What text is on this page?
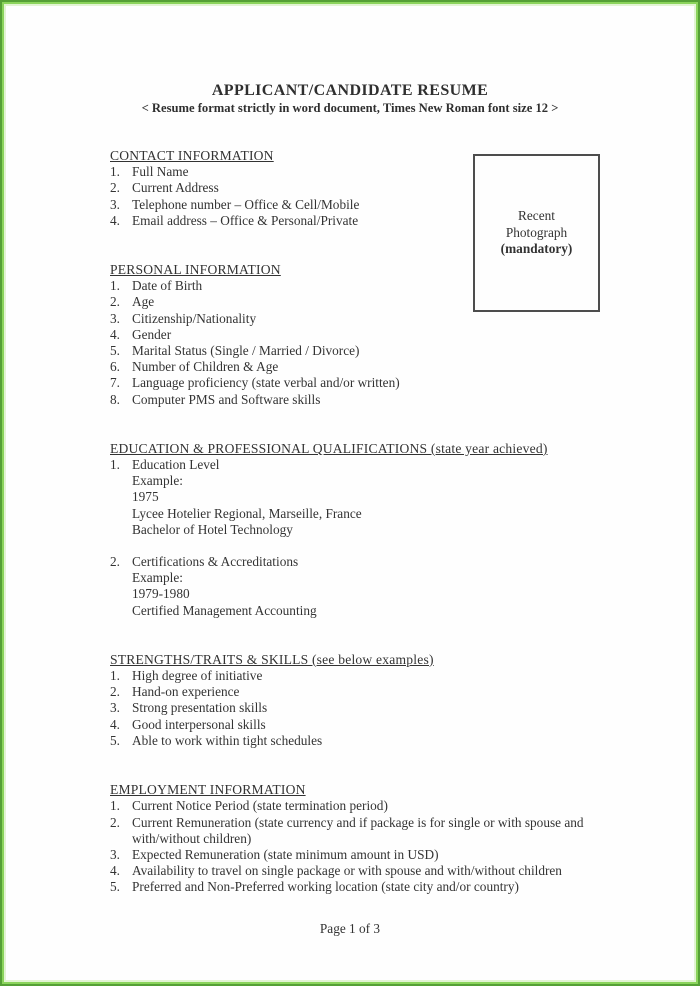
APPLICANT/CANDIDATE RESUME
< Resume format strictly in word document, Times New Roman font size 12 >
CONTACT INFORMATION
1. Full Name
2. Current Address
3. Telephone number – Office & Cell/Mobile
4. Email address – Office & Personal/Private
PERSONAL INFORMATION
1. Date of Birth
2. Age
3. Citizenship/Nationality
4. Gender
5. Marital Status (Single / Married / Divorce)
6. Number of Children & Age
7. Language proficiency (state verbal and/or written)
8. Computer PMS and Software skills
EDUCATION & PROFESSIONAL QUALIFICATIONS (state year achieved)
1. Education Level
Example:
1975
Lycee Hotelier Regional, Marseille, France
Bachelor of Hotel Technology
2. Certifications & Accreditations
Example:
1979-1980
Certified Management Accounting
STRENGTHS/TRAITS & SKILLS (see below examples)
1. High degree of initiative
2. Hand-on experience
3. Strong presentation skills
4. Good interpersonal skills
5. Able to work within tight schedules
EMPLOYMENT INFORMATION
1. Current Notice Period (state termination period)
2. Current Remuneration (state currency and if package is for single or with spouse and with/without children)
3. Expected Remuneration (state minimum amount in USD)
4. Availability to travel on single package or with spouse and with/without children
5. Preferred and Non-Preferred working location (state city and/or country)
Recent
Photograph
(mandatory)
Page 1 of 3
